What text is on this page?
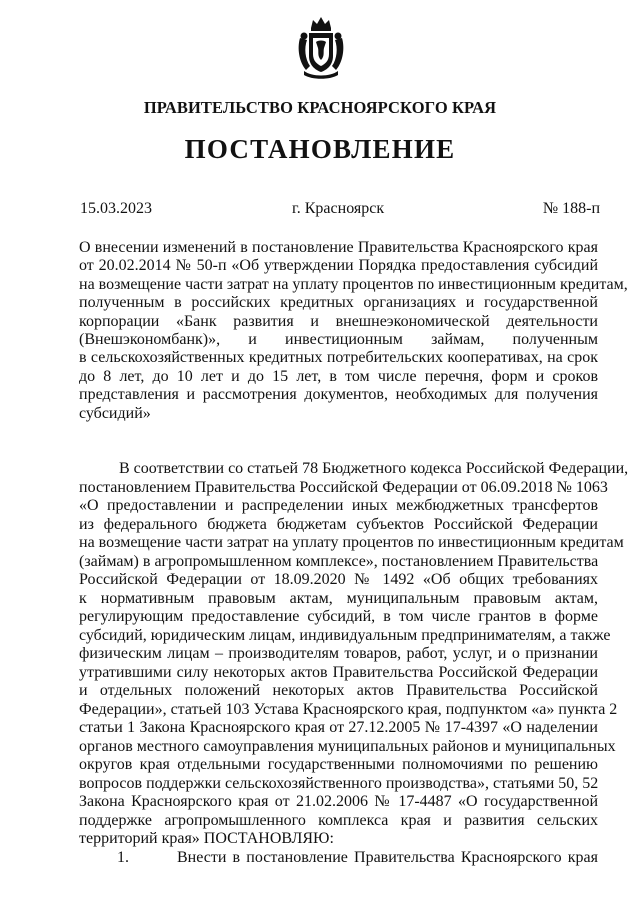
ПРАВИТЕЛЬСТВО КРАСНОЯРСКОГО КРАЯ
ПОСТАНОВЛЕНИЕ
15.03.2023	г. Красноярск	№ 188-п
О внесении изменений в постановление Правительства Красноярского края
от 20.02.2014 № 50-п «Об утверждении Порядка предоставления субсидий
на возмещение части затрат на уплату процентов по инвестиционным кредитам,
полученным в российских кредитных организациях и государственной
корпорации «Банк развития и внешнеэкономической деятельности
(Внешэкономбанк)», и инвестиционным займам, полученным
в сельскохозяйственных кредитных потребительских кооперативах, на срок
до 8 лет, до 10 лет и до 15 лет, в том числе перечня, форм и сроков
представления и рассмотрения документов, необходимых для получения
субсидий»
В соответствии со статьей 78 Бюджетного кодекса Российской Федерации,
постановлением Правительства Российской Федерации от 06.09.2018 № 1063
«О предоставлении и распределении иных межбюджетных трансфертов
из федерального бюджета бюджетам субъектов Российской Федерации
на возмещение части затрат на уплату процентов по инвестиционным кредитам
(займам) в агропромышленном комплексе», постановлением Правительства
Российской Федерации от 18.09.2020 № 1492 «Об общих требованиях
к нормативным правовым актам, муниципальным правовым актам,
регулирующим предоставление субсидий, в том числе грантов в форме
субсидий, юридическим лицам, индивидуальным предпринимателям, а также
физическим лицам – производителям товаров, работ, услуг, и о признании
утратившими силу некоторых актов Правительства Российской Федерации
и отдельных положений некоторых актов Правительства Российской
Федерации», статьей 103 Устава Красноярского края, подпунктом «а» пункта 2
статьи 1 Закона Красноярского края от 27.12.2005 № 17-4397 «О наделении
органов местного самоуправления муниципальных районов и муниципальных
округов края отдельными государственными полномочиями по решению
вопросов поддержки сельскохозяйственного производства», статьями 50, 52
Закона Красноярского края от 21.02.2006 № 17-4487 «О государственной
поддержке агропромышленного комплекса края и развития сельских
территорий края» ПОСТАНОВЛЯЮ:
1.	Внести в постановление Правительства Красноярского края
